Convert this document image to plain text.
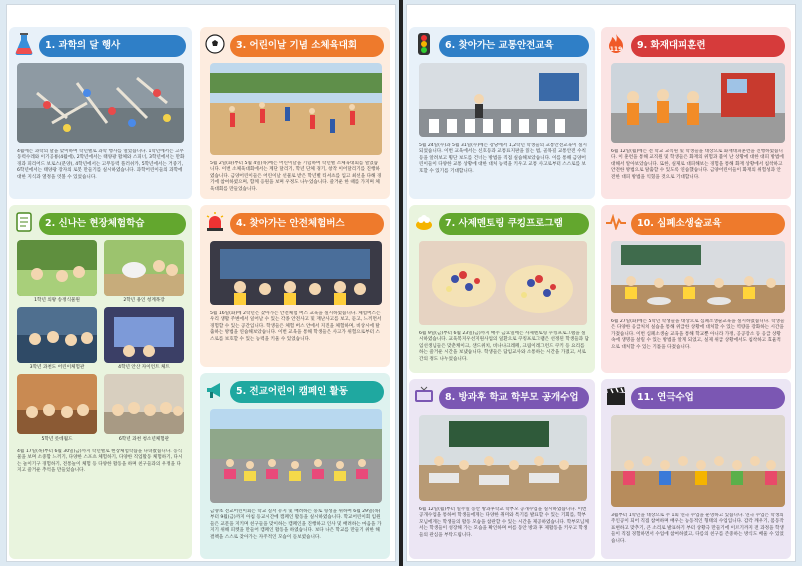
1. 과학의 달 행사
4월에는 과학의 달을 맞이하여 학년별로 과학 행사를 열었습니다. 1학년에서는 고무동력수레와 이기공룡(4월에), 2학년에서는 태양광 활체와 스피너, 3학년에서는 만화경과 피리어드 보로스(분양), 4학년에서는 고무동력 플러쉬카, 5학년에서는 거중기, 6학년에서는 태양광 장자의 로봇 만들기를 실시하였습니다. 과학어린이들의 과학에 대한 지식과 열정을 엿볼 수 있었습니다.
2. 신나는 현장체험학습
1학년 의왕 송정식물원	2학년 용인 청계목장
3학년 과천도 어린이체험관	4학년 안산 자이언트 체트
5학년 롯데월드	6학년 과천 청소년체험관
4월 17일(목)부터 6월 30일(금)까지 학년별로 현장체험학습을 다녀왔습니다. 동식물을 보며 소중함 느끼기, 다양한 스포츠 체험하기, 다양한 직업활동 체험하기, 다시는 놀이기구 경험하기, 전통놀이 체험 등 다양한 활동을 하며 친구들과의 우정을 다지고 즐거운 추억을 만들었습니다.
3. 어린이날 기념 소체육대회
5월 2일(화)부터 5월 4일(목)에는 어린이날을 기념하여 학년별 소체육대회를 열었습니다. 이번 소체육대회에서는 계단 달리기, 학년 단체 경기, 창작 이어달리기를 진행하였습니다. 금양어린이들은 어린이날 선물로 받은 학년별 티셔츠를 입고 최선을 다해 경기에 참여하였으며, 함께 응원을 보며 우정도 나누었습니다. 즐거운 한 때를 가지며 체육대회를 만들었습니다.
4. 찾아가는 안전체험버스
5월 16일(화)에 2학년은 찾아가는 안전체험 버스 교육을 실시하였습니다. 체험버스는 우리 생활 주변에서 일어날 수 있는 각종 안전사고 및 재난사고를 보고, 듣고, 느끼면서 경험할 수 있는 공간입니다. 학생들은 체험 버스 안에서 지진을 체험하며, 비상시에 탈출하는 방법을 연습해보았습니다. 이번 교육을 통해 학생들은 사고가 위험으로부터 스스로를 보호할 수 있는 능력을 키울 수 있었습니다.
5. 전교어린이 캠페인 활동
금양초 전교어린이회는 학교 질서 유지 및 배려하는 풍토 형성을 위하여 6월 29일(목)부터 9월(금)까지 아침 등교시간에 캠페인 활동을 실시하였습니다. 학교어린이회 임원들은 교문을 지키며 친구들을 맞이하는 캠페인을 진행하고 인사 및 배려하는 마음을 가지기 위해 피켓을 만들어 캠페인 활동을 하였습니다. 보다 나은 학교를 만들기 위한 해결책을 스스로 찾아가는 자주적인 모습이 돋보였습니다.
6. 찾아가는 교통안전교육
5월 24일(수)과 5월 31일(수)에는 강당에서 1,2학년 학생들의 교통안전교육이 실시되었습니다. 이번 교육에서는 신호등과 교통표지판을 읽는 법, 골목길 교통안전 수칙 등을 알려보고 횡단 보도를 건너는 방법을 직접 실습해보았습니다. 이를 통해 금양어린이들이 다양한 교통 상황에 대한 대처 능력을 키우고 교통 사고로부터 스스로를 보호할 수 있기를 기대합니다.
7. 사제멘토링 쿠킹프로그램
6월 9일(금)부터 6월 23일(금)까지 매주 금요일에는 사제멘토링 쿠킹프로그램을 실시하였습니다. 교육복지우선지원사업의 일환으로 쿠킹프로그램은 선정된 학생들과 담임선생님들은 맞춘케이크, 샌드위치, 비나나크레페, 크림이레그런드 쿠키 등 요리를 하는 즐거운 시간을 보냈습니다. 학생들은 담임교사와 소통하는 시간을 가졌고, 서로 간의 정도 나누었습니다.
8. 방과후 학교 학부모 공개수업
6월 12일(월)부터 일주일 동안 방과후학교 학부모 공개수업을 실시하였습니다. 이번 공개수업을 통하여 학생들에게는 다양한 취미와 특기를 발표할 수 있는 기회를, 학부모님에게는 학생들의 활동 모습을 참관할 수 있는 시간을 제공하였습니다. 학부모님께서는 학생들이 성장해 가는 모습을 확인하며 여름 동안 방과 후 제활동을 키우고 학생들의 관심을 부탁드립니다.
119 9. 화재대피훈련
6월 12일(월)에는 전 학교 교직원 및 학생들을 대상으로 화재대피훈련을 진행하였습니다. 이 훈련을 통해 교직원 및 학생들은 화재의 위험과 불이 난 상황에 대한 대피 방법에 대해서 알아보았습니다. 또한, 실제로 대피해보는 경험을 통해 화재 상황에서 침착하고 안전한 방법으로 탈출할 수 있도록 연습했습니다. 금양어린이들이 화재의 위험성과 안전한 대피 방법을 익혔을 것으로 기대합니다.
10. 심폐소생술교육
6월 27일(화)에는 5학년 학생들을 대상으로 심폐소생술교육을 실시하였습니다. 학생들은 다양한 응급처치 실습을 통해 위급한 상황에 대처할 수 있는 역량을 강화하는 시간을 가졌습니다. 이번 심폐소생술 교육을 통해 학교뿐 아니라 가정, 공공장소 등 응급 상황 속에 생명을 살릴 수 있는 방법을 알게 되었고, 실제 위급 상황에서도 침착하고 효율적으로 대처할 수 있는 기틀을 다졌습니다.
11. 연극수업
3월부터 1학년을 대상으로 주 1회 연극 수업을 운영하고 있습니다. 연극 수업은 학생의 주인공이 되어 직접 참여하며 배우는 능동적인 형태의 수업입니다. 감각 깨우기, 몸동작 표현하고 맞추기, 큰 소리로 발표하기 부터 상황극 만들기에 이르기까지 전 과정을 학생들이 직접 경험하면서 수업에 참여하였고, 다름의 친구를 존중하는 방식도 배울 수 있었습니다.
